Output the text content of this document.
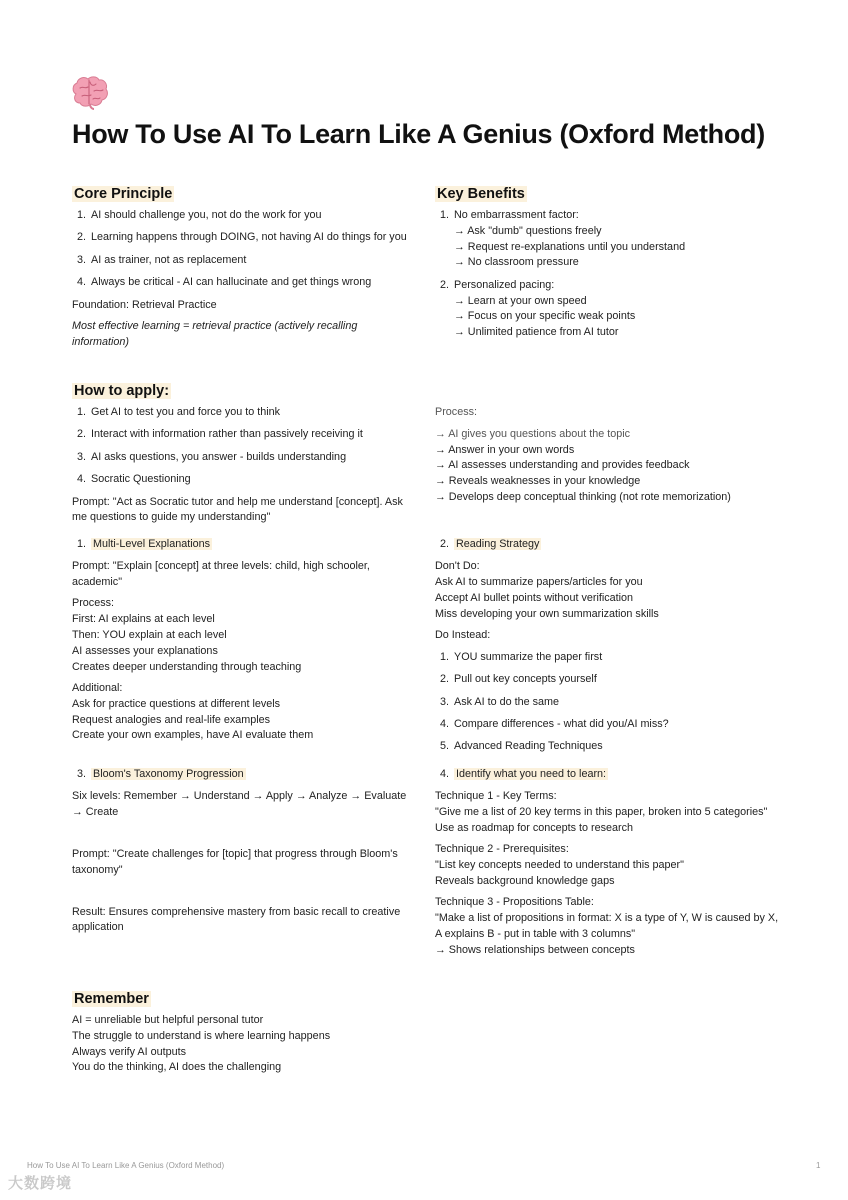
How To Use AI To Learn Like A Genius (Oxford Method)
Core Principle
1. AI should challenge you, not do the work for you
2. Learning happens through DOING, not having AI do things for you
3. AI as trainer, not as replacement
4. Always be critical - AI can hallucinate and get things wrong
Foundation: Retrieval Practice
Most effective learning = retrieval practice (actively recalling information)
Key Benefits
1. No embarrassment factor:
→ Ask "dumb" questions freely
→ Request re-explanations until you understand
→ No classroom pressure
2. Personalized pacing:
→ Learn at your own speed
→ Focus on your specific weak points
→ Unlimited patience from AI tutor
How to apply:
1. Get AI to test you and force you to think
2. Interact with information rather than passively receiving it
3. AI asks questions, you answer - builds understanding
4. Socratic Questioning
Prompt: "Act as Socratic tutor and help me understand [concept]. Ask me questions to guide my understanding"
Process:
→ AI gives you questions about the topic
→ Answer in your own words
→ AI assesses understanding and provides feedback
→ Reveals weaknesses in your knowledge
→ Develops deep conceptual thinking (not rote memorization)
1. Multi-Level Explanations
Prompt: "Explain [concept] at three levels: child, high schooler, academic"
Process:
First: AI explains at each level
Then: YOU explain at each level
AI assesses your explanations
Creates deeper understanding through teaching
Additional:
Ask for practice questions at different levels
Request analogies and real-life examples
Create your own examples, have AI evaluate them
2. Reading Strategy
Don't Do:
Ask AI to summarize papers/articles for you
Accept AI bullet points without verification
Miss developing your own summarization skills
Do Instead:
1. YOU summarize the paper first
2. Pull out key concepts yourself
3. Ask AI to do the same
4. Compare differences - what did you/AI miss?
5. Advanced Reading Techniques
3. Bloom's Taxonomy Progression
Six levels: Remember → Understand → Apply → Analyze → Evaluate → Create
Prompt: "Create challenges for [topic] that progress through Bloom's taxonomy"
Result: Ensures comprehensive mastery from basic recall to creative application
4. Identify what you need to learn:
Technique 1 - Key Terms:
"Give me a list of 20 key terms in this paper, broken into 5 categories"
Use as roadmap for concepts to research
Technique 2 - Prerequisites:
"List key concepts needed to understand this paper"
Reveals background knowledge gaps
Technique 3 - Propositions Table:
"Make a list of propositions in format: X is a type of Y, W is caused by X, A explains B - put in table with 3 columns"
→ Shows relationships between concepts
Remember
AI = unreliable but helpful personal tutor
The struggle to understand is where learning happens
Always verify AI outputs
You do the thinking, AI does the challenging
How To Use AI To Learn Like A Genius (Oxford Method)	1
大数跨境
